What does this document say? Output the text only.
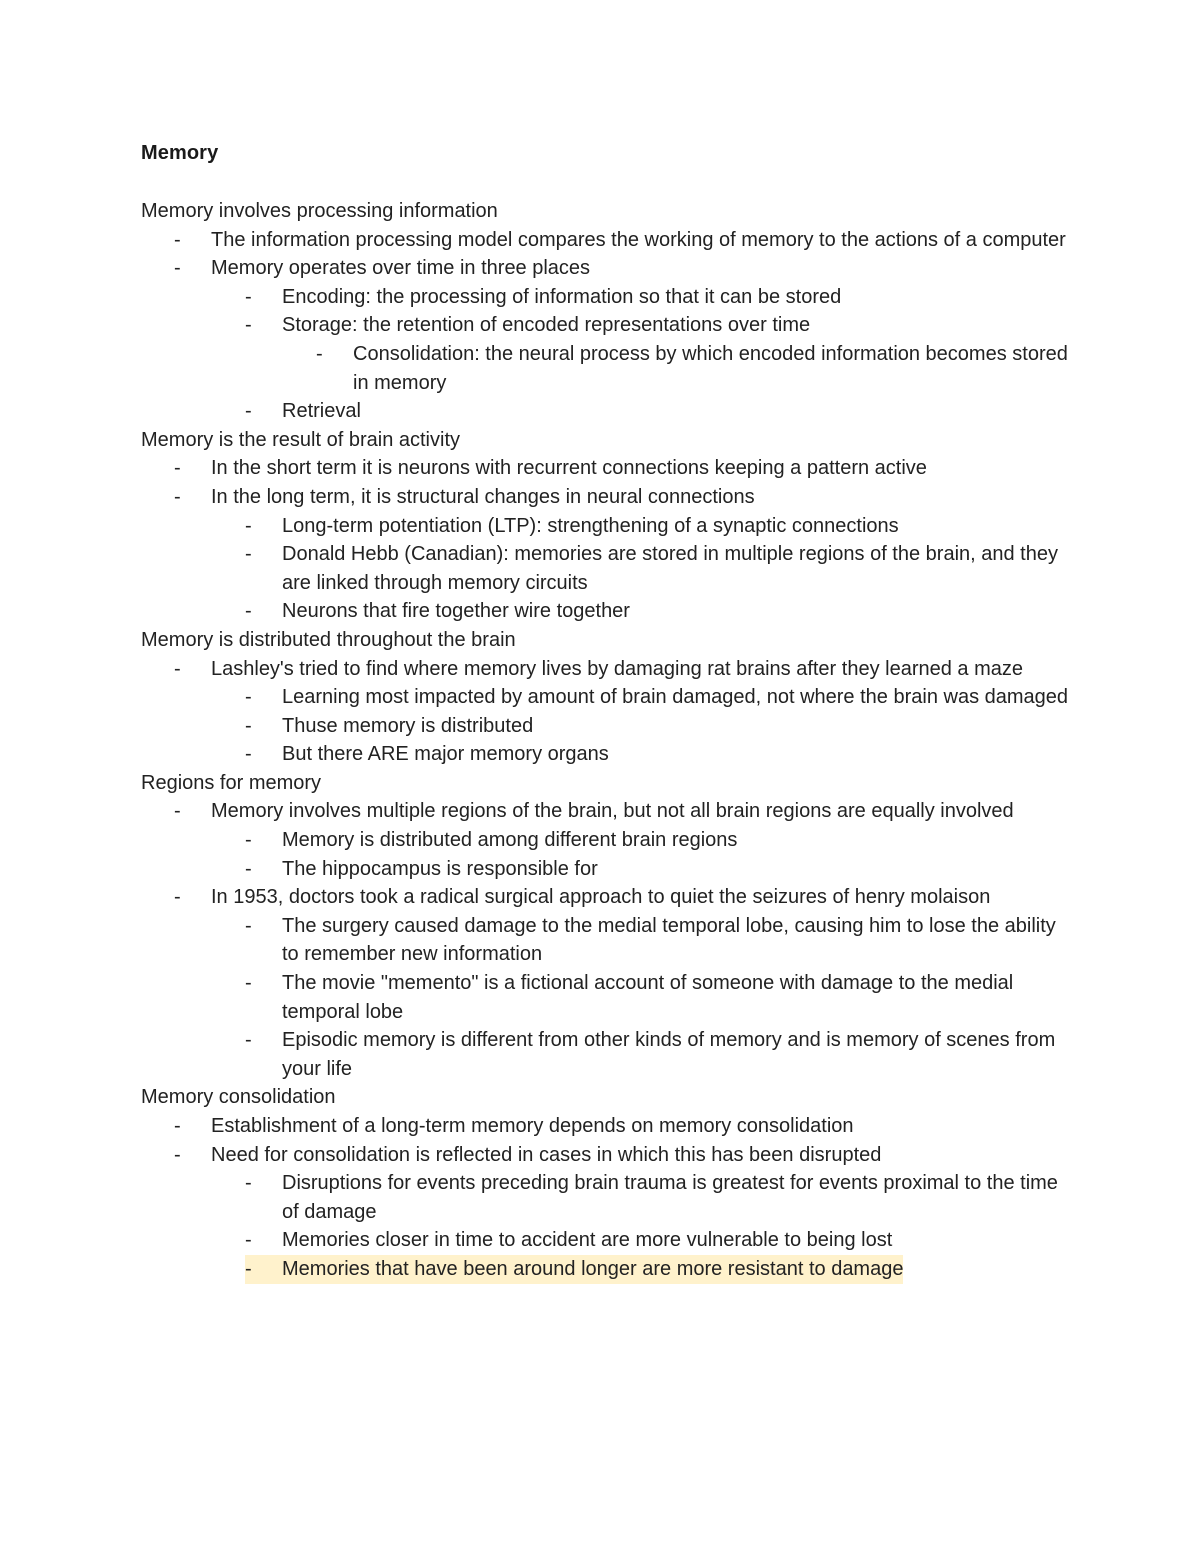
Memory
Memory involves processing information
- The information processing model compares the working of memory to the actions of a computer
- Memory operates over time in three places
- Encoding: the processing of information so that it can be stored
- Storage: the retention of encoded representations over time
- Consolidation: the neural process by which encoded information becomes stored in memory
- Retrieval
Memory is the result of brain activity
- In the short term it is neurons with recurrent connections keeping a pattern active
- In the long term, it is structural changes in neural connections
- Long-term potentiation (LTP): strengthening of a synaptic connections
- Donald Hebb (Canadian): memories are stored in multiple regions of the brain, and they are linked through memory circuits
- Neurons that fire together wire together
Memory is distributed throughout the brain
- Lashley's tried to find where memory lives by damaging rat brains after they learned a maze
- Learning most impacted by amount of brain damaged, not where the brain was damaged
- Thuse memory is distributed
- But there ARE major memory organs
Regions for memory
- Memory involves multiple regions of the brain, but not all brain regions are equally involved
- Memory is distributed among different brain regions
- The hippocampus is responsible for
- In 1953, doctors took a radical surgical approach to quiet the seizures of henry molaison
- The surgery caused damage to the medial temporal lobe, causing him to lose the ability to remember new information
- The movie "memento" is a fictional account of someone with damage to the medial temporal lobe
- Episodic memory is different from other kinds of memory and is memory of scenes from your life
Memory consolidation
- Establishment of a long-term memory depends on memory consolidation
- Need for consolidation is reflected in cases in which this has been disrupted
- Disruptions for events preceding brain trauma is greatest for events proximal to the time of damage
- Memories closer in time to accident are more vulnerable to being lost
- Memories that have been around longer are more resistant to damage
